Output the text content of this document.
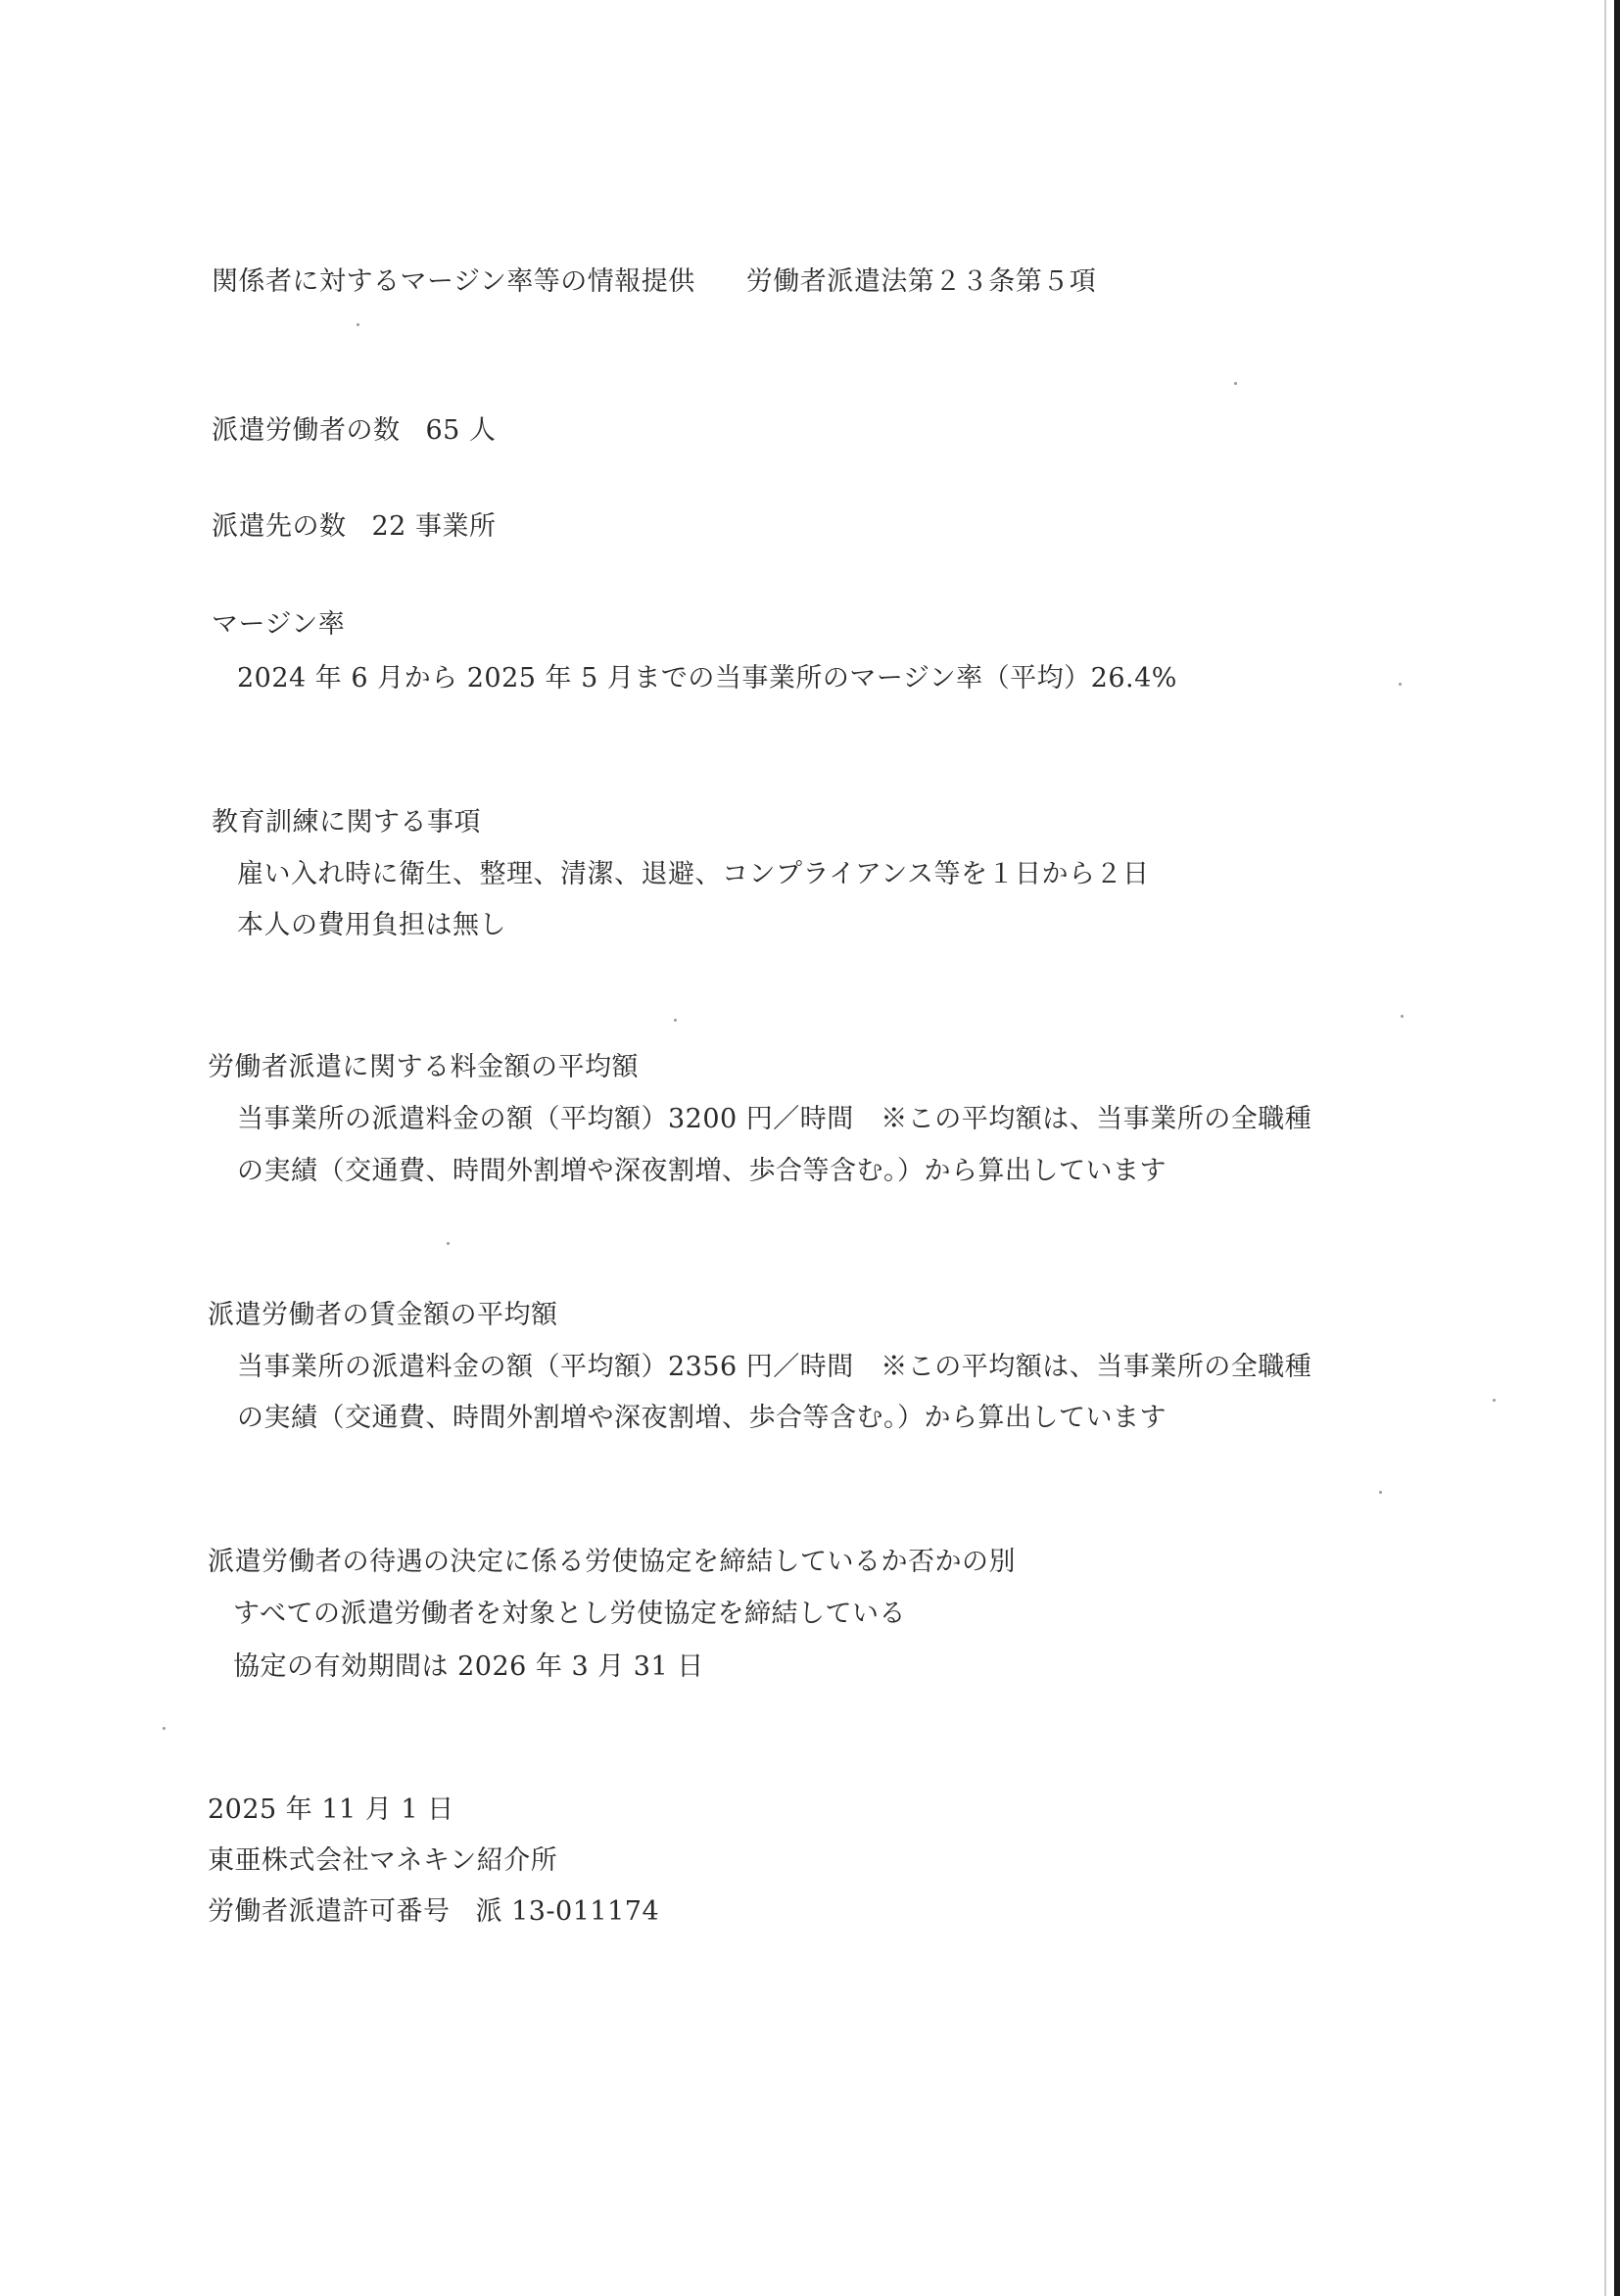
関係者に対するマージン率等の情報提供 労働者派遣法第２３条第５項
派遣労働者の数 65 人
派遣先の数 22 事業所
マージン率
2024 年 6 月から 2025 年 5 月までの当事業所のマージン率（平均）26.4%
教育訓練に関する事項
雇い入れ時に衛生、整理、清潔、退避、コンプライアンス等を１日から２日
本人の費用負担は無し
労働者派遣に関する料金額の平均額
当事業所の派遣料金の額（平均額）3200 円／時間　※この平均額は、当事業所の全職種
の実績（交通費、時間外割増や深夜割増、歩合等含む。）から算出しています
派遣労働者の賃金額の平均額
当事業所の派遣料金の額（平均額）2356 円／時間　※この平均額は、当事業所の全職種
の実績（交通費、時間外割増や深夜割増、歩合等含む。）から算出しています
派遣労働者の待遇の決定に係る労使協定を締結しているか否かの別
すべての派遣労働者を対象とし労使協定を締結している
協定の有効期間は 2026 年 3 月 31 日
2025 年 11 月 1 日
東亜株式会社マネキン紹介所
労働者派遣許可番号 派 13-011174
